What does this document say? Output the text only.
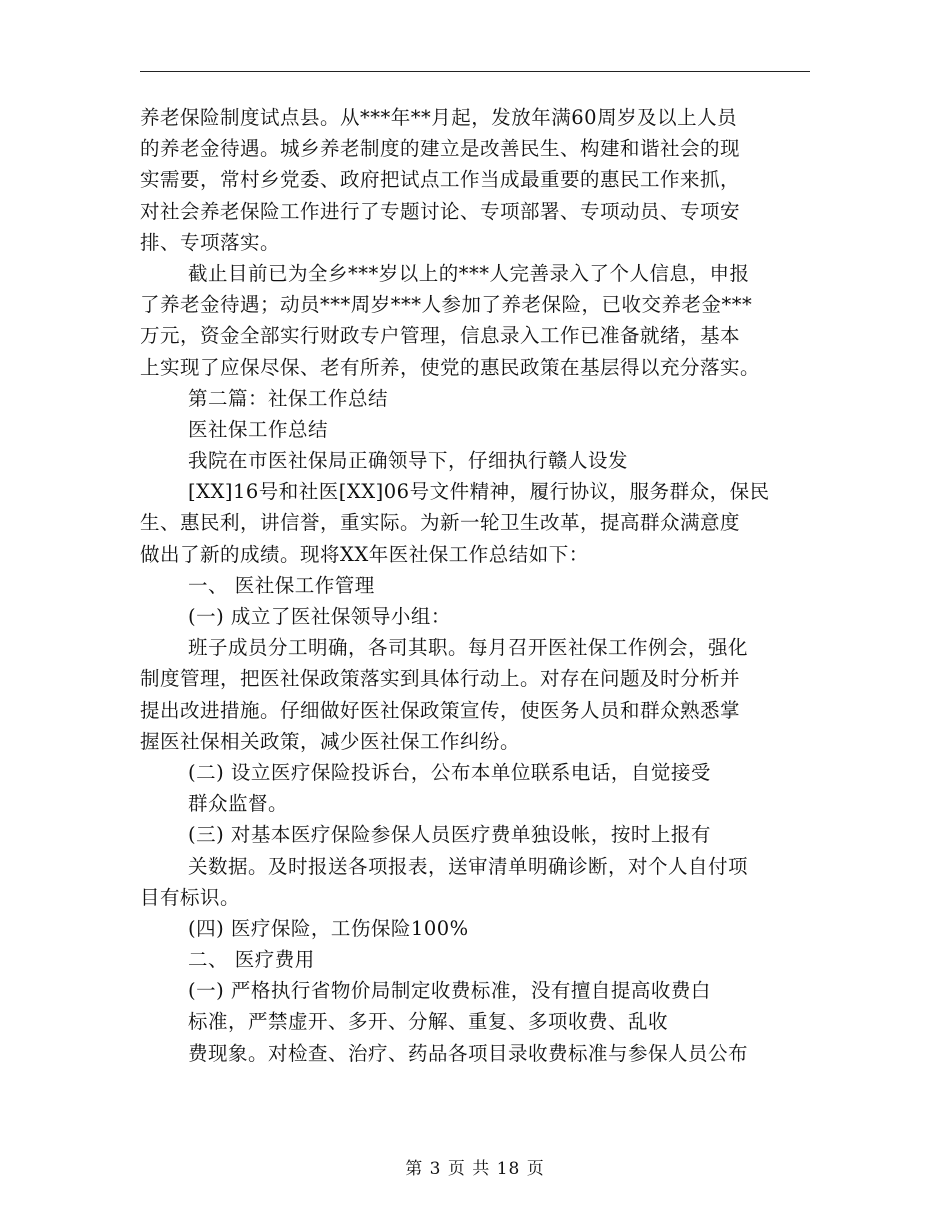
养老保险制度试点县。从***年**月起，发放年满60周岁及以上人员
的养老金待遇。城乡养老制度的建立是改善民生、构建和谐社会的现
实需要，常村乡党委、政府把试点工作当成最重要的惠民工作来抓，
对社会养老保险工作进行了专题讨论、专项部署、专项动员、专项安
排、专项落实。
截止目前已为全乡***岁以上的***人完善录入了个人信息，申报
了养老金待遇；动员***周岁***人参加了养老保险，已收交养老金***
万元，资金全部实行财政专户管理，信息录入工作已准备就绪，基本
上实现了应保尽保、老有所养，使党的惠民政策在基层得以充分落实。
第二篇：社保工作总结
医社保工作总结
我院在市医社保局正确领导下，仔细执行赣人设发
[XX]16号和社医[XX]06号文件精神，履行协议，服务群众，保民
生、惠民利，讲信誉，重实际。为新一轮卫生改革，提高群众满意度
做出了新的成绩。现将XX年医社保工作总结如下：
一、 医社保工作管理
(一) 成立了医社保领导小组：
班子成员分工明确，各司其职。每月召开医社保工作例会，强化
制度管理，把医社保政策落实到具体行动上。对存在问题及时分析并
提出改进措施。仔细做好医社保政策宣传，使医务人员和群众熟悉掌
握医社保相关政策，减少医社保工作纠纷。
(二) 设立医疗保险投诉台，公布本单位联系电话，自觉接受
群众监督。
(三) 对基本医疗保险参保人员医疗费单独设帐，按时上报有
关数据。及时报送各项报表，送审清单明确诊断，对个人自付项
目有标识。
(四) 医疗保险，工伤保险100%
二、 医疗费用
(一) 严格执行省物价局制定收费标准，没有擅自提高收费白
标准，严禁虚开、多开、分解、重复、多项收费、乱收
费现象。对检查、治疗、药品各项目录收费标准与参保人员公布
第 3 页 共 18 页
